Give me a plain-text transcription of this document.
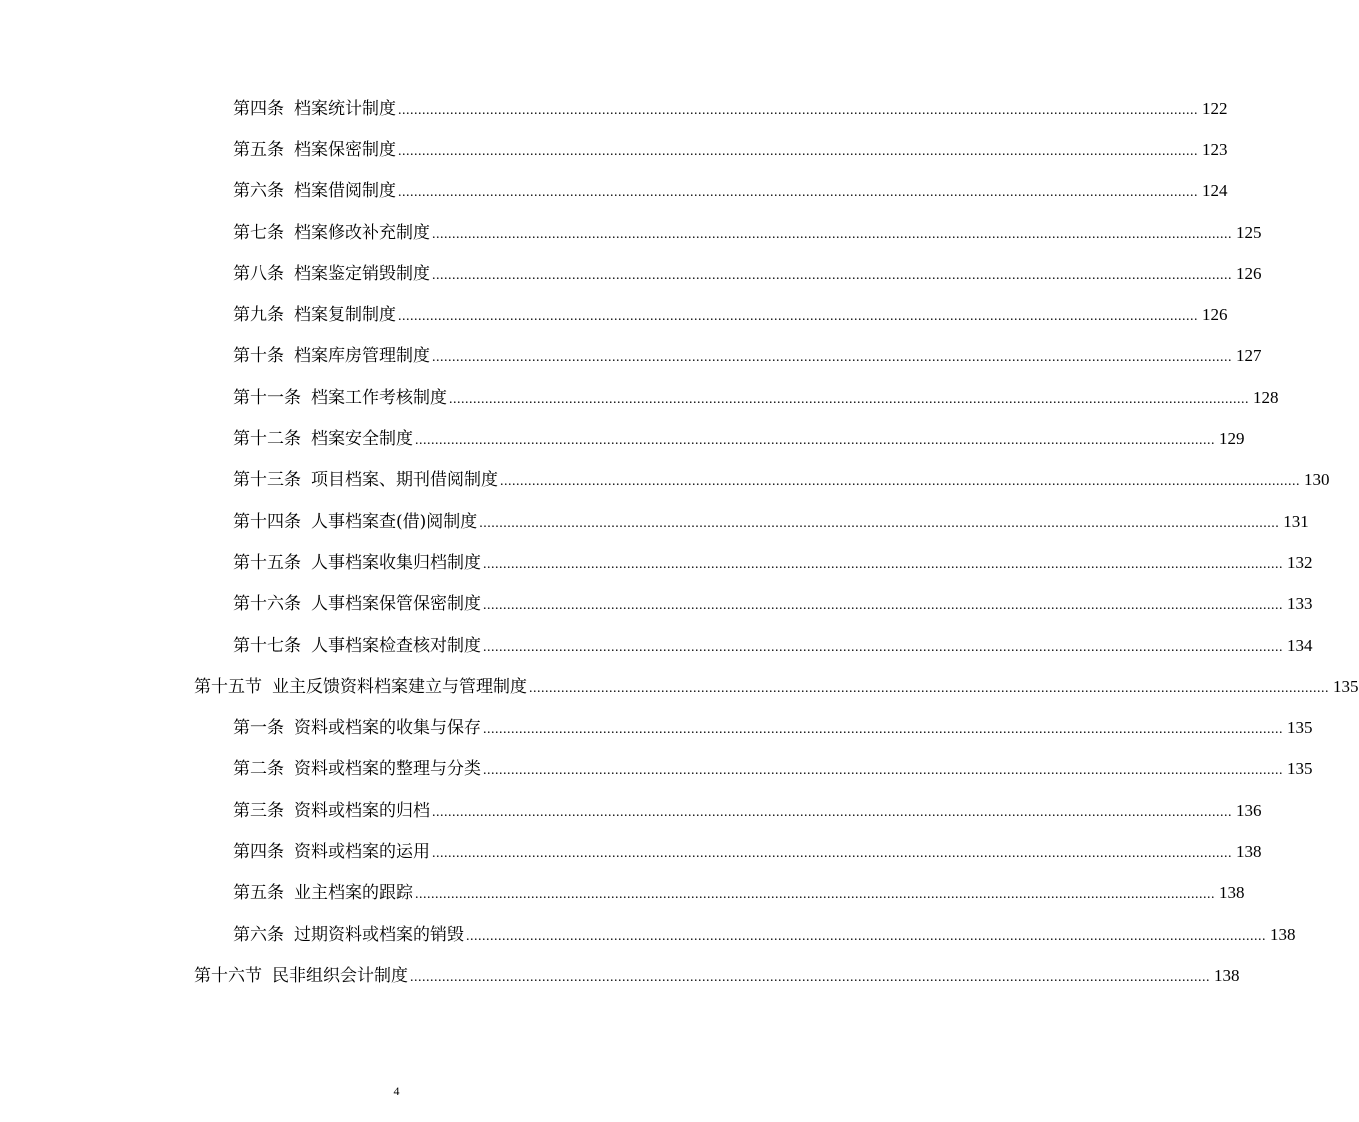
第四条 档案统计制度 ........................................................................................................................................................................................................ 122
第五条 档案保密制度 ........................................................................................................................................................................................................ 123
第六条 档案借阅制度 ........................................................................................................................................................................................................ 124
第七条 档案修改补充制度 ........................................................................................................................................................................................................ 125
第八条 档案鉴定销毁制度 ........................................................................................................................................................................................................ 126
第九条 档案复制制度 ........................................................................................................................................................................................................ 126
第十条 档案库房管理制度 ........................................................................................................................................................................................................ 127
第十一条 档案工作考核制度 ........................................................................................................................................................................................................ 128
第十二条 档案安全制度 ........................................................................................................................................................................................................ 129
第十三条 项目档案、期刊借阅制度 ........................................................................................................................................................................................................ 130
第十四条 人事档案查(借)阅制度 ........................................................................................................................................................................................................ 131
第十五条 人事档案收集归档制度 ........................................................................................................................................................................................................ 132
第十六条 人事档案保管保密制度 ........................................................................................................................................................................................................ 133
第十七条 人事档案检查核对制度 ........................................................................................................................................................................................................ 134
第十五节 业主反馈资料档案建立与管理制度 ........................................................................................................................................................................................................ 135
第一条 资料或档案的收集与保存 ........................................................................................................................................................................................................ 135
第二条 资料或档案的整理与分类 ........................................................................................................................................................................................................ 135
第三条 资料或档案的归档 ........................................................................................................................................................................................................ 136
第四条 资料或档案的运用 ........................................................................................................................................................................................................ 138
第五条 业主档案的跟踪 ........................................................................................................................................................................................................ 138
第六条 过期资料或档案的销毁 ........................................................................................................................................................................................................ 138
第十六节 民非组织会计制度 ........................................................................................................................................................................................................ 138
4
